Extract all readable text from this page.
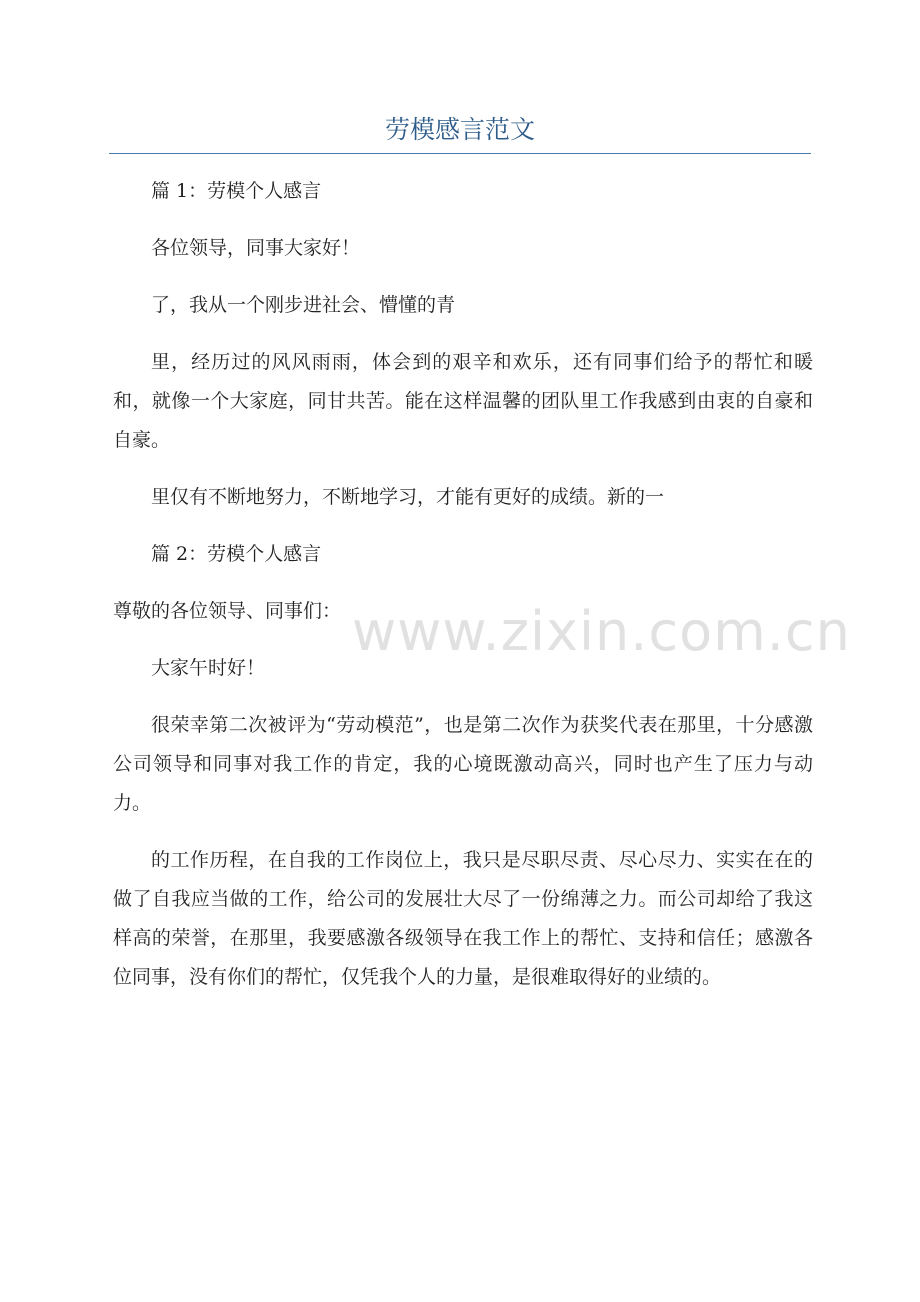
劳模感言范文

篇 1：劳模个人感言

各位领导，同事大家好！

了，我从一个刚步进社会、懵懂的青

里，经历过的风风雨雨，体会到的艰辛和欢乐，还有同事们给予的帮忙和暖和，就像一个大家庭，同甘共苦。能在这样温馨的团队里工作我感到由衷的自豪和自豪。

里仅有不断地努力，不断地学习，才能有更好的成绩。新的一

篇 2：劳模个人感言

尊敬的各位领导、同事们：

大家午时好！

很荣幸第二次被评为“劳动模范”，也是第二次作为获奖代表在那里，十分感激公司领导和同事对我工作的肯定，我的心境既激动高兴，同时也产生了压力与动力。

的工作历程，在自我的工作岗位上，我只是尽职尽责、尽心尽力、实实在在的做了自我应当做的工作，给公司的发展壮大尽了一份绵薄之力。而公司却给了我这样高的荣誉，在那里，我要感激各级领导在我工作上的帮忙、支持和信任；感激各位同事，没有你们的帮忙，仅凭我个人的力量，是很难取得好的业绩的。

www.zixin.com.cn
